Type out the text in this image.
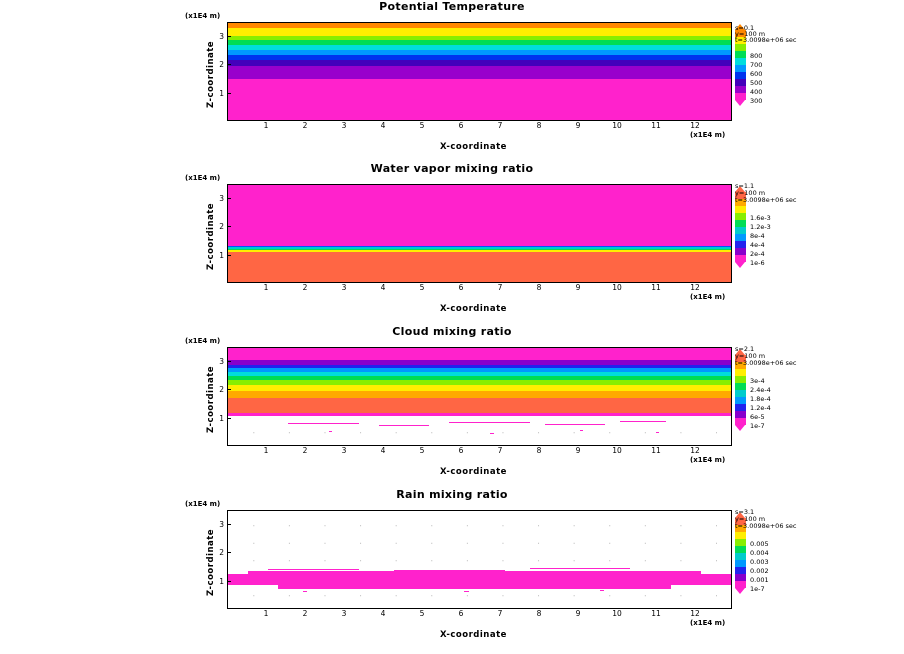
Potential Temperature
(x1E4 m)
Z-coordinate 1
2
3
1	2	3	4	5	6	7	8	9	10	11	12
(x1E4 m)
X-coordinate
800
700
600
500
400
300
s=0.1
y=100 m
t=3.0098e+06 sec
Water vapor mixing ratio
(x1E4 m)
Z-coordinate 1
2
3
1	2	3	4	5	6	7	8	9	10	11	12
(x1E4 m)
X-coordinate
1.6e-3
1.2e-3
8e-4
4e-4
2e-4
1e-6
s=1.1
y=100 m
t=3.0098e+06 sec
Cloud mixing ratio
(x1E4 m)
Z-coordinate 1
2
3
1	2	3	4	5	6	7	8	9	10	11	12
(x1E4 m)
X-coordinate
3e-4
2.4e-4
1.8e-4
1.2e-4
6e-5
1e-7
s=2.1
y=100 m
t=3.0098e+06 sec
Rain mixing ratio
(x1E4 m)
Z-coordinate 1
2
3
1	2	3	4	5	6	7	8	9	10	11	12
(x1E4 m)
X-coordinate
0.005
0.004
0.003
0.002
0.001
1e-7
s=3.1
y=100 m
t=3.0098e+06 sec
